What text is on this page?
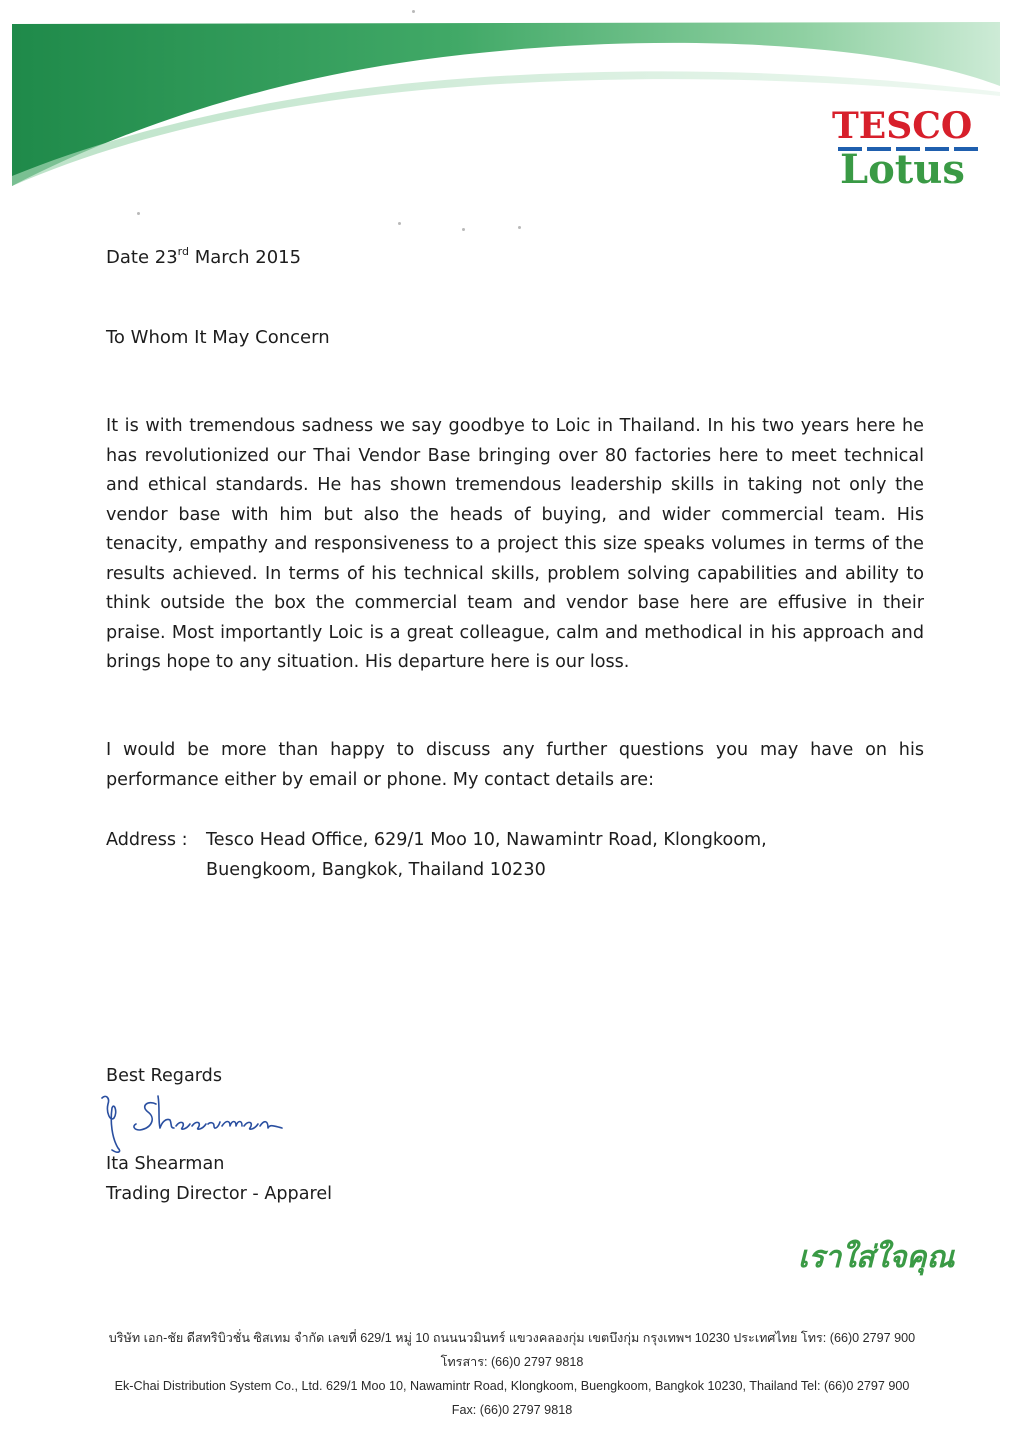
TESCO
Lotus
Date 23rd March 2015
To Whom It May Concern
It is with tremendous sadness we say goodbye to Loic in Thailand. In his two years here he has revolutionized our Thai Vendor Base bringing over 80 factories here to meet technical and ethical standards. He has shown tremendous leadership skills in taking not only the vendor base with him but also the heads of buying, and wider commercial team. His tenacity, empathy and responsiveness to a project this size speaks volumes in terms of the results achieved. In terms of his technical skills, problem solving capabilities and ability to think outside the box the commercial team and vendor base here are effusive in their praise. Most importantly Loic is a great colleague, calm and methodical in his approach and brings hope to any situation. His departure here is our loss.
I would be more than happy to discuss any further questions you may have on his performance either by email or phone. My contact details are:
Address :Tesco Head Office, 629/1 Moo 10, Nawamintr Road, Klongkoom,
Buengkoom, Bangkok, Thailand 10230
Best Regards
Ita Shearman
Trading Director - Apparel
เราใส่ใจคุณ
บริษัท เอก-ชัย ดีสทริบิวชั่น ซิสเทม จำกัด เลขที่ 629/1 หมู่ 10 ถนนนวมินทร์ แขวงคลองกุ่ม เขตบึงกุ่ม กรุงเทพฯ 10230 ประเทศไทย โทร: (66)0 2797 900
โทรสาร: (66)0 2797 9818
Ek-Chai Distribution System Co., Ltd. 629/1 Moo 10, Nawamintr Road, Klongkoom, Buengkoom, Bangkok 10230, Thailand Tel: (66)0 2797 900
Fax: (66)0 2797 9818
